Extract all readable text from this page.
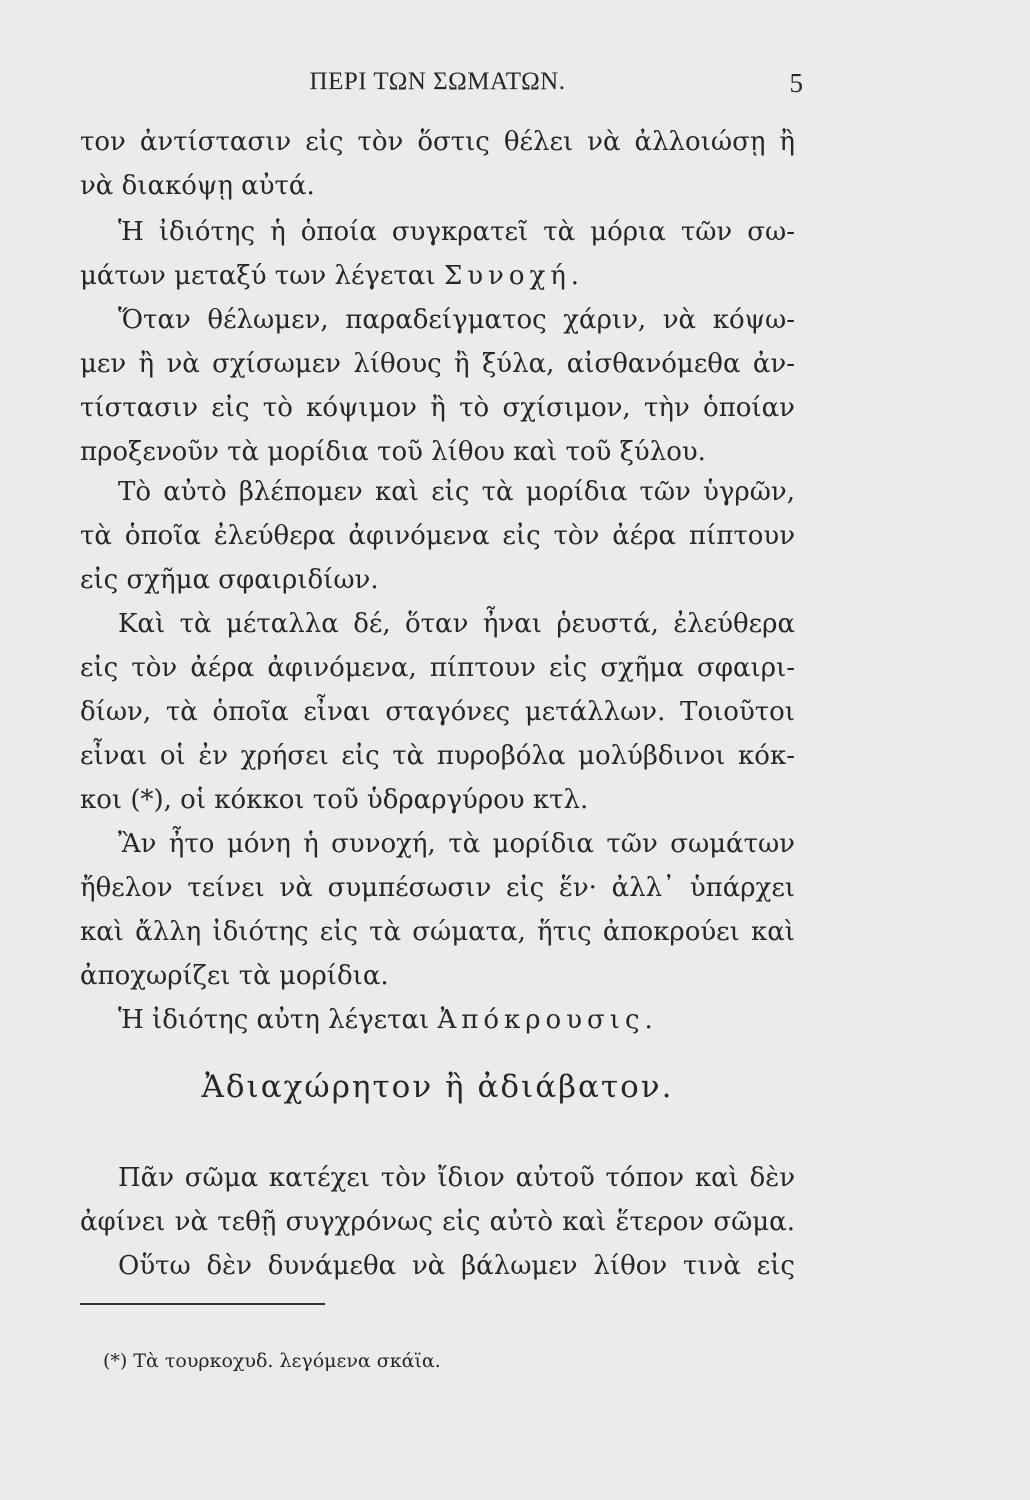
ΠΕΡΙ ΤΩΝ ΣΩΜΑΤΩΝ.	5
τον ἀντίστασιν εἰς τὸν ὅστις θέλει νὰ ἀλλοιώσῃ ἢ
νὰ διακόψῃ αὐτά.
Ἡ ἰδιότης ἡ ὁποία συγκρατεῖ τὰ μόρια τῶν σω-
μάτων μεταξύ των λέγεται Συνοχή.
Ὅταν θέλωμεν, παραδείγματος χάριν, νὰ κόψω-
μεν ἢ νὰ σχίσωμεν λίθους ἢ ξύλα, αἰσθανόμεθα ἀν-
τίστασιν εἰς τὸ κόψιμον ἢ τὸ σχίσιμον, τὴν ὁποίαν
προξενοῦν τὰ μορίδια τοῦ λίθου καὶ τοῦ ξύλου.
Τὸ αὐτὸ βλέπομεν καὶ εἰς τὰ μορίδια τῶν ὑγρῶν,
τὰ ὁποῖα ἐλεύθερα ἀφινόμενα εἰς τὸν ἀέρα πίπτουν
εἰς σχῆμα σφαιριδίων.
Καὶ τὰ μέταλλα δέ, ὅταν ἦναι ῥευστά, ἐλεύθερα
εἰς τὸν ἀέρα ἀφινόμενα, πίπτουν εἰς σχῆμα σφαιρι-
δίων, τὰ ὁποῖα εἶναι σταγόνες μετάλλων. Τοιοῦτοι
εἶναι οἱ ἐν χρήσει εἰς τὰ πυροβόλα μολύβδινοι κόκ-
κοι (*), οἱ κόκκοι τοῦ ὑδραργύρου κτλ.
Ἂν ἦτο μόνη ἡ συνοχή, τὰ μορίδια τῶν σωμάτων
ἤθελον τείνει νὰ συμπέσωσιν εἰς ἕν· ἀλλ᾽ ὑπάρχει
καὶ ἄλλη ἰδιότης εἰς τὰ σώματα, ἥτις ἀποκρούει καὶ
ἀποχωρίζει τὰ μορίδια.
Ἡ ἰδιότης αὐτη λέγεται Ἀπόκρουσις.
Ἀδιαχώρητον ἢ ἀδιάβατον.
Πᾶν σῶμα κατέχει τὸν ἴδιον αὐτοῦ τόπον καὶ δὲν
ἀφίνει νὰ τεθῇ συγχρόνως εἰς αὐτὸ καὶ ἕτερον σῶμα.
Οὕτω δὲν δυνάμεθα νὰ βάλωμεν λίθον τινὰ εἰς
(*) Τὰ τουρκοχυδ. λεγόμενα σκάϊα.
